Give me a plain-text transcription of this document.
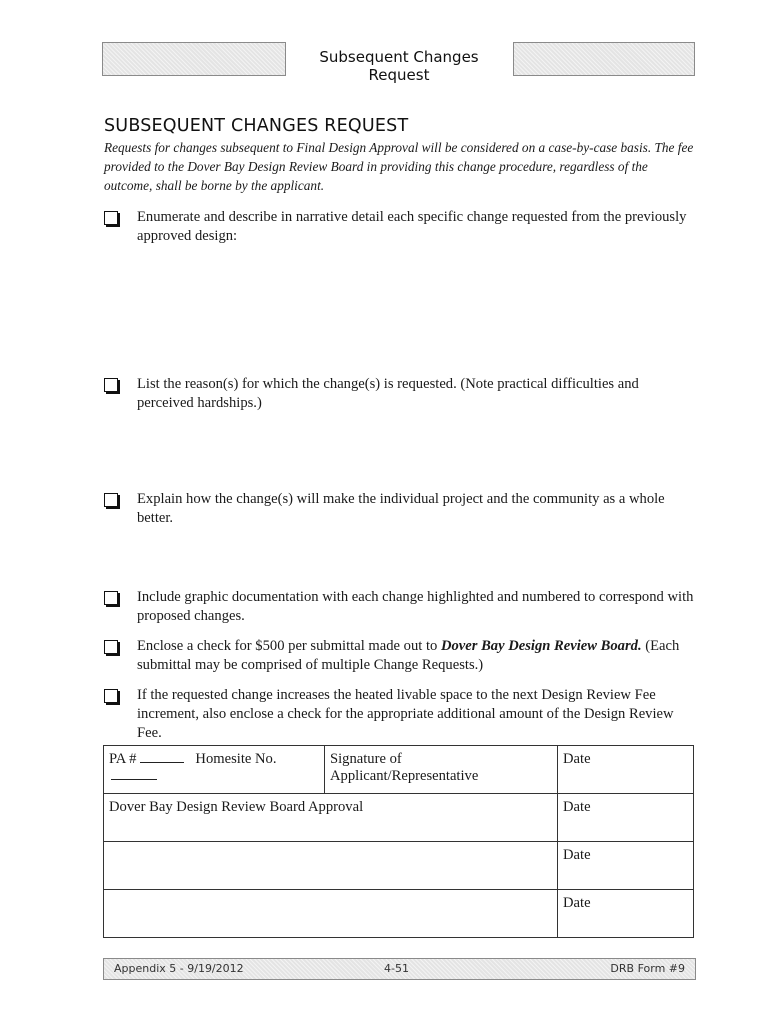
Subsequent Changes Request
SUBSEQUENT CHANGES REQUEST
Requests for changes subsequent to Final Design Approval will be considered on a case-by-case basis. The fee provided to the Dover Bay Design Review Board in providing this change procedure, regardless of the outcome, shall be borne by the applicant.
Enumerate and describe in narrative detail each specific change requested from the previously approved design:
List the reason(s) for which the change(s) is requested. (Note practical difficulties and perceived hardships.)
Explain how the change(s) will make the individual project and the community as a whole better.
Include graphic documentation with each change highlighted and numbered to correspond with proposed changes.
Enclose a check for $500 per submittal made out to Dover Bay Design Review Board. (Each submittal may be comprised of multiple Change Requests.)
If the requested change increases the heated livable space to the next Design Review Fee increment, also enclose a check for the appropriate additional amount of the Design Review Fee.
PA # Homesite No.	Signature of Applicant/Representative	Date
Dover Bay Design Review Board Approval		Date
		Date
		Date
Appendix 5 - 9/19/2012	4-51	DRB Form #9
